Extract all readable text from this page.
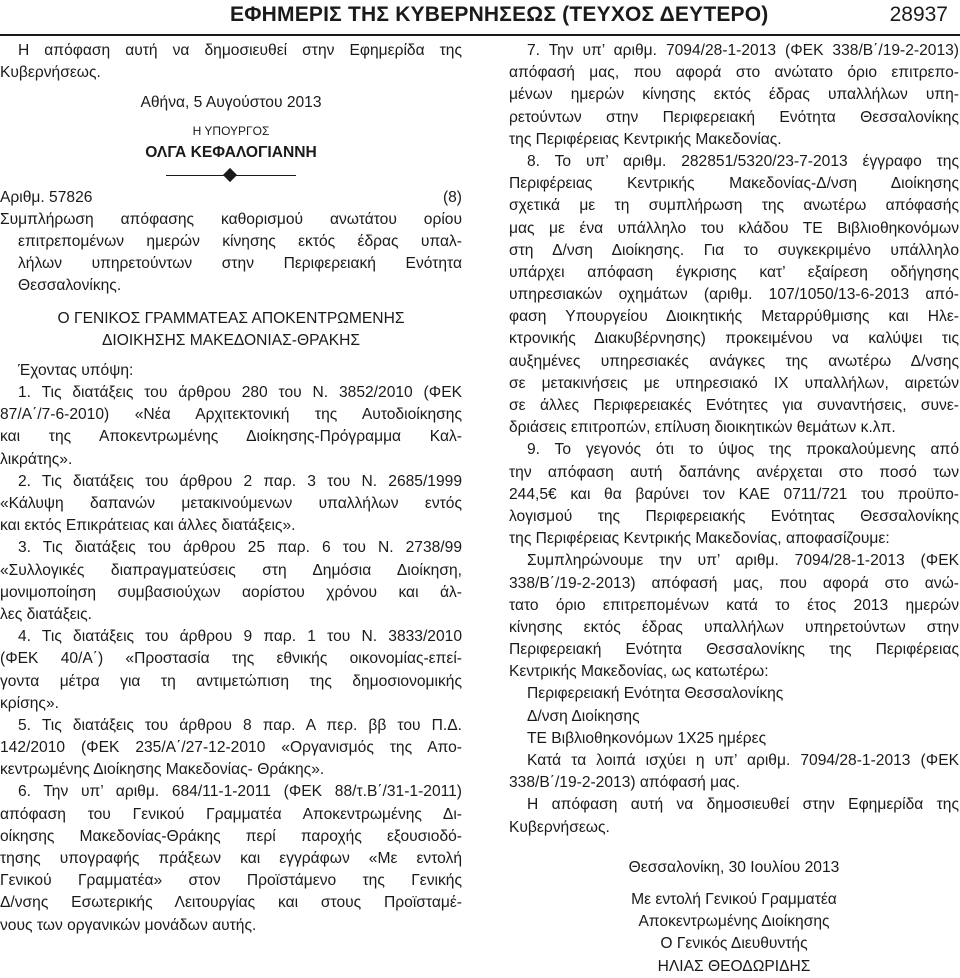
ΕΦΗΜΕΡΙΣ ΤΗΣ ΚΥΒΕΡΝΗΣΕΩΣ (ΤΕΥΧΟΣ ΔΕΥΤΕΡΟ)	28937
Η απόφαση αυτή να δημοσιευθεί στην Εφημερίδα της
Κυβερνήσεως.
Αθήνα, 5 Αυγούστου 2013
Η ΥΠΟΥΡΓΟΣ
ΟΛΓΑ ΚΕΦΑΛΟΓΙΑΝΝΗ
Αριθμ. 57826	(8)
Συμπλήρωση απόφασης καθορισμού ανωτάτου ορίου
επιτρεπομένων ημερών κίνησης εκτός έδρας υπαλ-
λήλων υπηρετούντων στην Περιφερειακή Ενότητα
Θεσσαλονίκης.
Ο ΓΕΝΙΚΟΣ ΓΡΑΜΜΑΤΕΑΣ ΑΠΟΚΕΝΤΡΩΜΕΝΗΣ
ΔΙΟΙΚΗΣΗΣ ΜΑΚΕΔΟΝΙΑΣ-ΘΡΑΚΗΣ
Έχοντας υπόψη:
1. Τις διατάξεις του άρθρου 280 του Ν. 3852/2010 (ΦΕΚ
87/Α΄/7-6-2010) «Νέα Αρχιτεκτονική της Αυτοδιοίκησης
και της Αποκεντρωμένης Διοίκησης-Πρόγραμμα Καλ-
λικράτης».
2. Τις διατάξεις του άρθρου 2 παρ. 3 του Ν. 2685/1999
«Κάλυψη δαπανών μετακινούμενων υπαλλήλων εντός
και εκτός Επικράτειας και άλλες διατάξεις».
3. Τις διατάξεις του άρθρου 25 παρ. 6 του Ν. 2738/99
«Συλλογικές διαπραγματεύσεις στη Δημόσια Διοίκηση,
μονιμοποίηση συμβασιούχων αορίστου χρόνου και άλ-
λες διατάξεις.
4. Τις διατάξεις του άρθρου 9 παρ. 1 του Ν. 3833/2010
(ΦΕΚ 40/Α΄) «Προστασία της εθνικής οικονομίας-επεί-
γοντα μέτρα για τη αντιμετώπιση της δημοσιονομικής
κρίσης».
5. Τις διατάξεις του άρθρου 8 παρ. Α περ. ββ του Π.Δ.
142/2010 (ΦΕΚ 235/Α΄/27-12-2010 «Οργανισμός της Απο-
κεντρωμένης Διοίκησης Μακεδονίας- Θράκης».
6. Την υπ’ αριθμ. 684/11-1-2011 (ΦΕΚ 88/τ.Β΄/31-1-2011)
απόφαση του Γενικού Γραμματέα Αποκεντρωμένης Δι-
οίκησης Μακεδονίας-Θράκης περί παροχής εξουσιοδό-
τησης υπογραφής πράξεων και εγγράφων «Με εντολή
Γενικού Γραμματέα» στον Προϊστάμενο της Γενικής
Δ/νσης Εσωτερικής Λειτουργίας και στους Προϊσταμέ-
νους των οργανικών μονάδων αυτής.
7. Την υπ’ αριθμ. 7094/28-1-2013 (ΦΕΚ 338/Β΄/19-2-2013)
απόφασή μας, που αφορά στο ανώτατο όριο επιτρεπο-
μένων ημερών κίνησης εκτός έδρας υπαλλήλων υπη-
ρετούντων στην Περιφερειακή Ενότητα Θεσσαλονίκης
της Περιφέρειας Κεντρικής Μακεδονίας.
8. Το υπ’ αριθμ. 282851/5320/23-7-2013 έγγραφο της
Περιφέρειας Κεντρικής Μακεδονίας-Δ/νση Διοίκησης
σχετικά με τη συμπλήρωση της ανωτέρω απόφασής
μας με ένα υπάλληλο του κλάδου ΤΕ Βιβλιοθηκονόμων
στη Δ/νση Διοίκησης. Για το συγκεκριμένο υπάλληλο
υπάρχει απόφαση έγκρισης κατ’ εξαίρεση οδήγησης
υπηρεσιακών οχημάτων (αριθμ. 107/1050/13-6-2013 από-
φαση Υπουργείου Διοικητικής Μεταρρύθμισης και Ηλε-
κτρονικής Διακυβέρνησης) προκειμένου να καλύψει τις
αυξημένες υπηρεσιακές ανάγκες της ανωτέρω Δ/νσης
σε μετακινήσεις με υπηρεσιακό ΙΧ υπαλλήλων, αιρετών
σε άλλες Περιφερειακές Ενότητες για συναντήσεις, συνε-
δριάσεις επιτροπών, επίλυση διοικητικών θεμάτων κ.λπ.
9. Το γεγονός ότι το ύψος της προκαλούμενης από
την απόφαση αυτή δαπάνης ανέρχεται στο ποσό των
244,5€ και θα βαρύνει τον ΚΑΕ 0711/721 του προϋπο-
λογισμού της Περιφερειακής Ενότητας Θεσσαλονίκης
της Περιφέρειας Κεντρικής Μακεδονίας, αποφασίζουμε:
Συμπληρώνουμε την υπ’ αριθμ. 7094/28-1-2013 (ΦΕΚ
338/Β΄/19-2-2013) απόφασή μας, που αφορά στο ανώ-
τατο όριο επιτρεπομένων κατά το έτος 2013 ημερών
κίνησης εκτός έδρας υπαλλήλων υπηρετούντων στην
Περιφερειακή Ενότητα Θεσσαλονίκης της Περιφέρειας
Κεντρικής Μακεδονίας, ως κατωτέρω:
Περιφερειακή Ενότητα Θεσσαλονίκης
Δ/νση Διοίκησης
ΤΕ Βιβλιοθηκονόμων 1Χ25 ημέρες
Κατά τα λοιπά ισχύει η υπ’ αριθμ. 7094/28-1-2013 (ΦΕΚ
338/Β΄/19-2-2013) απόφασή μας.
Η απόφαση αυτή να δημοσιευθεί στην Εφημερίδα της
Κυβερνήσεως.
Θεσσαλονίκη, 30 Ιουλίου 2013
Με εντολή Γενικού Γραμματέα
Αποκεντρωμένης Διοίκησης
Ο Γενικός Διευθυντής
ΗΛΙΑΣ ΘΕΟΔΩΡΙΔΗΣ
